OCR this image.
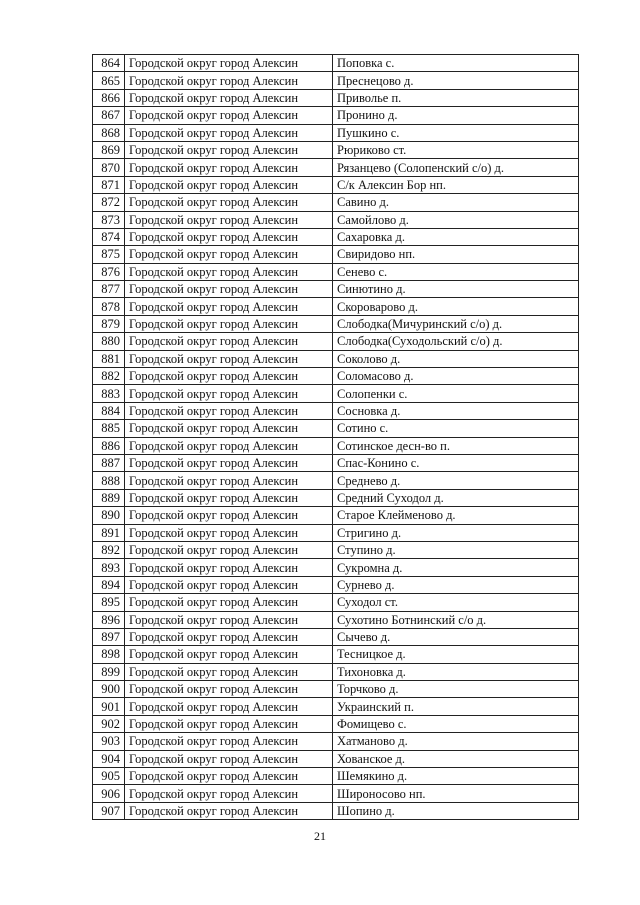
864	Городской округ город Алексин	Поповка с.
865	Городской округ город Алексин	Преснецово д.
866	Городской округ город Алексин	Приволье п.
867	Городской округ город Алексин	Пронино д.
868	Городской округ город Алексин	Пушкино с.
869	Городской округ город Алексин	Рюриково ст.
870	Городской округ город Алексин	Рязанцево (Солопенский с/о) д.
871	Городской округ город Алексин	С/к Алексин Бор нп.
872	Городской округ город Алексин	Савино д.
873	Городской округ город Алексин	Самойлово д.
874	Городской округ город Алексин	Сахаровка д.
875	Городской округ город Алексин	Свиридово нп.
876	Городской округ город Алексин	Сенево с.
877	Городской округ город Алексин	Синютино д.
878	Городской округ город Алексин	Скороварово д.
879	Городской округ город Алексин	Слободка(Мичуринский с/о) д.
880	Городской округ город Алексин	Слободка(Суходольский с/о) д.
881	Городской округ город Алексин	Соколово д.
882	Городской округ город Алексин	Соломасово д.
883	Городской округ город Алексин	Солопенки с.
884	Городской округ город Алексин	Сосновка д.
885	Городской округ город Алексин	Сотино с.
886	Городской округ город Алексин	Сотинское десн-во п.
887	Городской округ город Алексин	Спас-Конино с.
888	Городской округ город Алексин	Среднево д.
889	Городской округ город Алексин	Средний Суходол д.
890	Городской округ город Алексин	Старое Клейменово д.
891	Городской округ город Алексин	Стригино д.
892	Городской округ город Алексин	Ступино д.
893	Городской округ город Алексин	Сукромна д.
894	Городской округ город Алексин	Сурнево д.
895	Городской округ город Алексин	Суходол ст.
896	Городской округ город Алексин	Сухотино Ботнинский с/о д.
897	Городской округ город Алексин	Сычево д.
898	Городской округ город Алексин	Тесницкое д.
899	Городской округ город Алексин	Тихоновка д.
900	Городской округ город Алексин	Торчково д.
901	Городской округ город Алексин	Украинский п.
902	Городской округ город Алексин	Фомищево с.
903	Городской округ город Алексин	Хатманово д.
904	Городской округ город Алексин	Хованское д.
905	Городской округ город Алексин	Шемякино д.
906	Городской округ город Алексин	Широносово нп.
907	Городской округ город Алексин	Шопино д.
21
